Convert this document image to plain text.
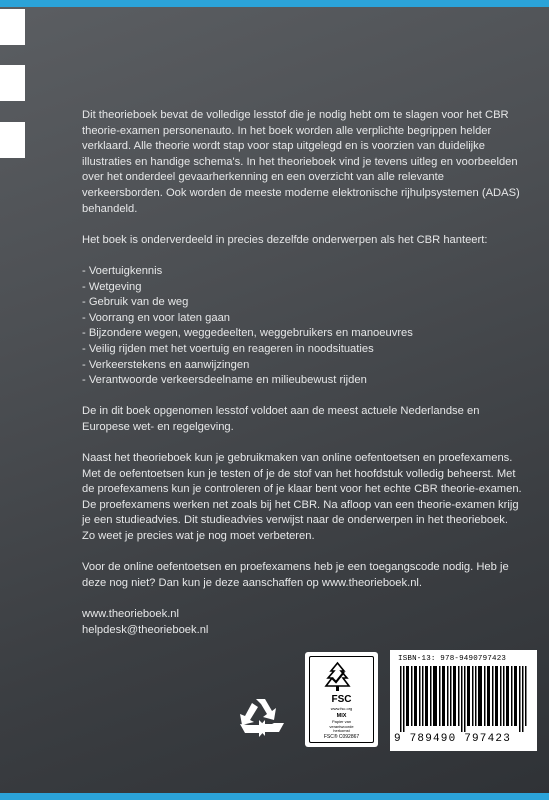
Dit theorieboek bevat de volledige lesstof die je nodig hebt om te slagen voor het CBR theorie-examen personenauto. In het boek worden alle verplichte begrippen helder verklaard. Alle theorie wordt stap voor stap uitgelegd en is voorzien van duidelijke illustraties en handige schema's. In het theorieboek vind je tevens uitleg en voorbeelden over het onderdeel gevaarherkenning en een overzicht van alle relevante verkeersborden. Ook worden de meeste moderne elektronische rijhulpsystemen (ADAS) behandeld.

Het boek is onderverdeeld in precies dezelfde onderwerpen als het CBR hanteert:

- Voertuigkennis
- Wetgeving
- Gebruik van de weg
- Voorrang en voor laten gaan
- Bijzondere wegen, weggedeelten, weggebruikers en manoeuvres
- Veilig rijden met het voertuig en reageren in noodsituaties
- Verkeerstekens en aanwijzingen
- Verantwoorde verkeersdeelname en milieubewust rijden

De in dit boek opgenomen lesstof voldoet aan de meest actuele Nederlandse en Europese wet- en regelgeving.

Naast het theorieboek kun je gebruikmaken van online oefentoetsen en proefexamens. Met de oefentoetsen kun je testen of je de stof van het hoofdstuk volledig beheerst. Met de proefexamens kun je controleren of je klaar bent voor het echte CBR theorie-examen. De proefexamens werken net zoals bij het CBR. Na afloop van een theorie-examen krijg je een studieadvies. Dit studieadvies verwijst naar de onderwerpen in het theorieboek. Zo weet je precies wat je nog moet verbeteren.

Voor de online oefentoetsen en proefexamens heb je een toegangscode nodig. Heb je deze nog niet? Dan kun je deze aanschaffen op www.theorieboek.nl.

www.theorieboek.nl
helpdesk@theorieboek.nl
FSC
www.fsc.org
MIX
Papier van
verantwoorde
herkomst
FSC® C092867
ISBN-13: 978-9490797423
9 789490 797423
